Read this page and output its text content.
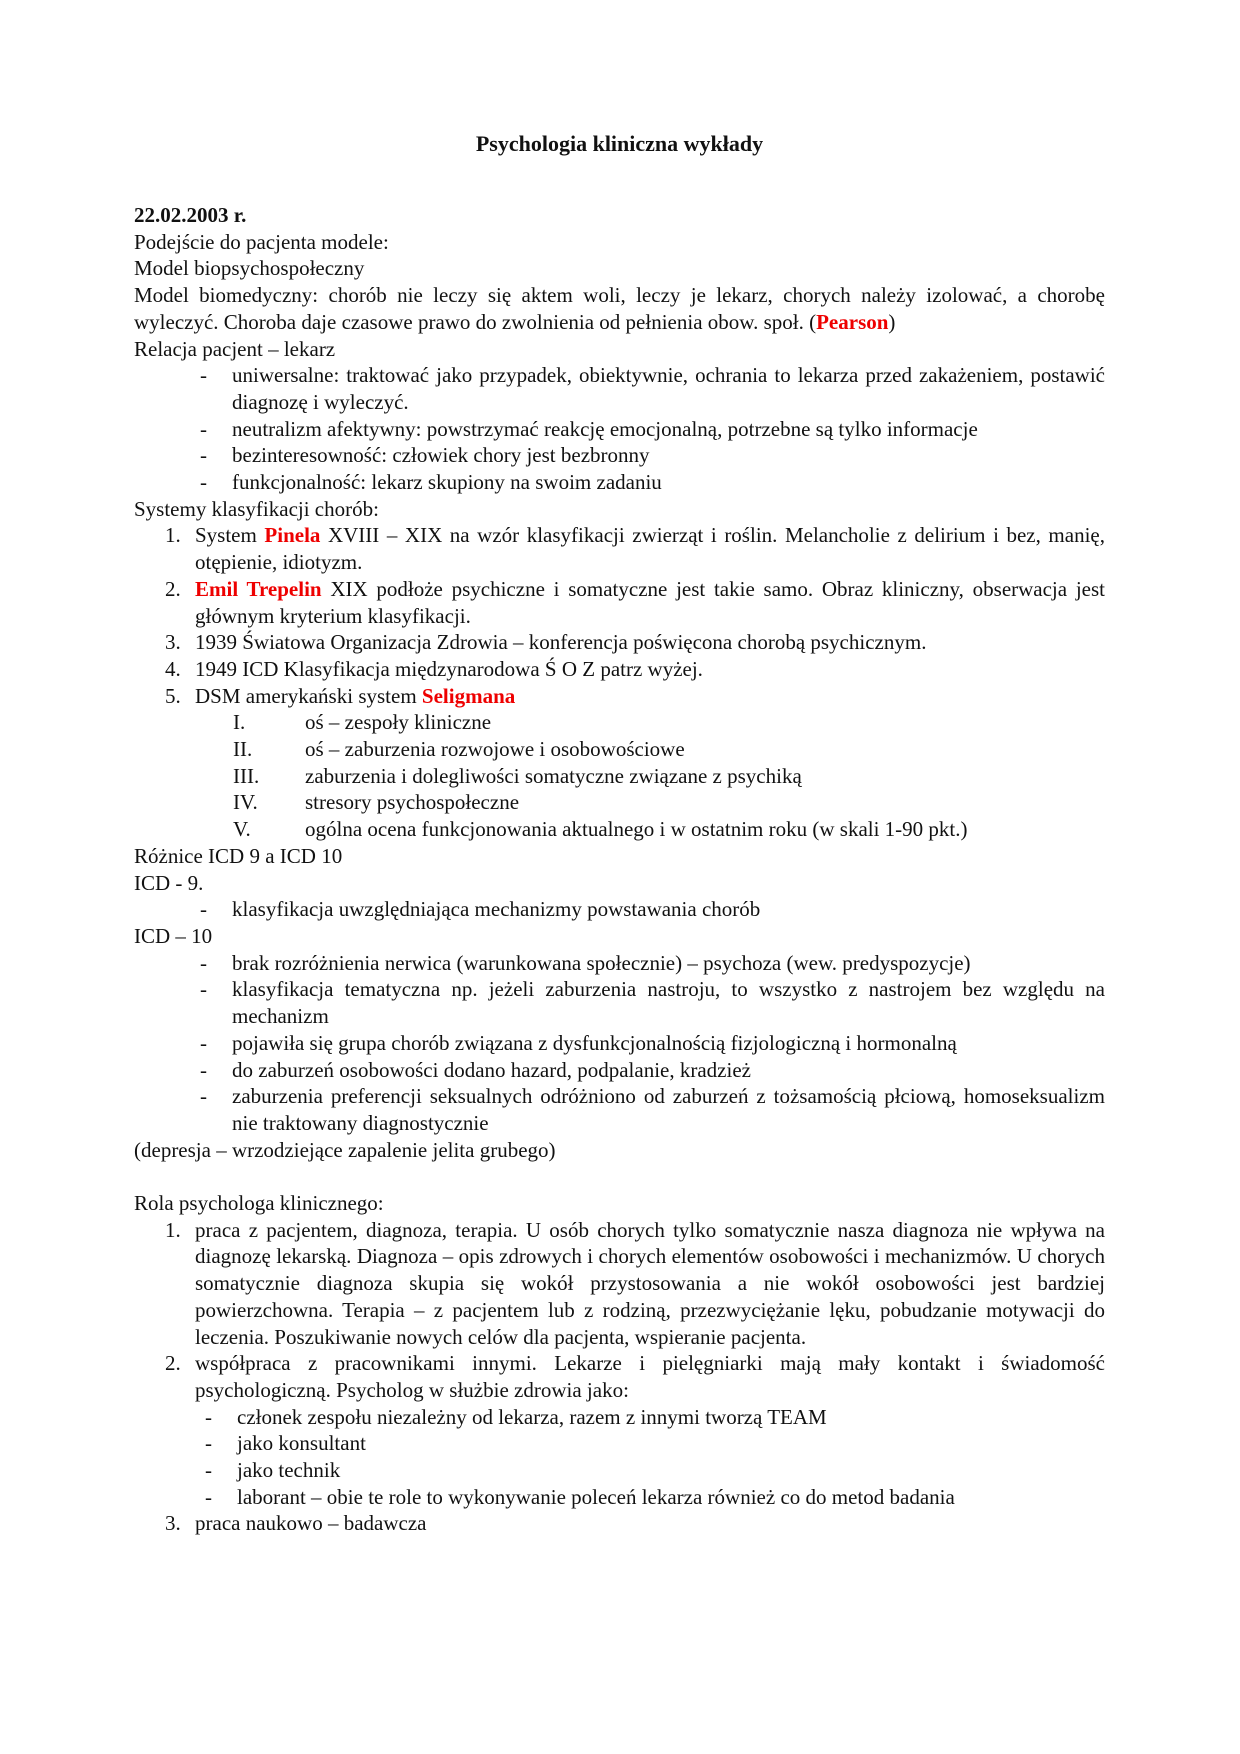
Psychologia kliniczna wykłady

22.02.2003 r.

Podejście do pacjenta modele:

Model biopsychospołeczny

Model biomedyczny: chorób nie leczy się aktem woli, leczy je lekarz, chorych należy izolować, a chorobę wyleczyć. Choroba daje czasowe prawo do zwolnienia od pełnienia obow. społ. (Pearson)

Relacja pacjent – lekarz

- uniwersalne: traktować jako przypadek, obiektywnie, ochrania to lekarza przed zakażeniem, postawić diagnozę i wyleczyć.
- neutralizm afektywny: powstrzymać reakcję emocjonalną, potrzebne są tylko informacje
- bezinteresowność: człowiek chory jest bezbronny
- funkcjonalność: lekarz skupiony na swoim zadaniu

Systemy klasyfikacji chorób:

1. System Pinela XVIII – XIX na wzór klasyfikacji zwierząt i roślin. Melancholie z delirium i bez, manię, otępienie, idiotyzm.
2. Emil Trepelin XIX podłoże psychiczne i somatyczne jest takie samo. Obraz kliniczny, obserwacja jest głównym kryterium klasyfikacji.
3. 1939 Światowa Organizacja Zdrowia – konferencja poświęcona chorobą psychicznym.
4. 1949 ICD Klasyfikacja międzynarodowa Ś O Z patrz wyżej.
5. DSM amerykański system Seligmana
I.	oś – zespoły kliniczne
II.	oś – zaburzenia rozwojowe i osobowościowe
III. zaburzenia i dolegliwości somatyczne związane z psychiką
IV. stresory psychospołeczne
V.	ogólna ocena funkcjonowania aktualnego i w ostatnim roku (w skali 1-90 pkt.)

Różnice ICD 9 a ICD 10

ICD - 9.

- klasyfikacja uwzględniająca mechanizmy powstawania chorób

ICD – 10

- brak rozróżnienia nerwica (warunkowana społecznie) – psychoza (wew. predyspozycje)
- klasyfikacja tematyczna np. jeżeli zaburzenia nastroju, to wszystko z nastrojem bez względu na mechanizm
- pojawiła się grupa chorób związana z dysfunkcjonalnością fizjologiczną i hormonalną
- do zaburzeń osobowości dodano hazard, podpalanie, kradzież
- zaburzenia preferencji seksualnych odróżniono od zaburzeń z tożsamością płciową, homoseksualizm nie traktowany diagnostycznie

(depresja – wrzodziejące zapalenie jelita grubego)

Rola psychologa klinicznego:

1. praca z pacjentem, diagnoza, terapia. U osób chorych tylko somatycznie nasza diagnoza nie wpływa na diagnozę lekarską. Diagnoza – opis zdrowych i chorych elementów osobowości i mechanizmów. U chorych somatycznie diagnoza skupia się wokół przystosowania a nie wokół osobowości jest bardziej powierzchowna. Terapia – z pacjentem lub z rodziną, przezwyciężanie lęku, pobudzanie motywacji do leczenia. Poszukiwanie nowych celów dla pacjenta, wspieranie pacjenta.
2. współpraca z pracownikami innymi. Lekarze i pielęgniarki mają mały kontakt i świadomość psychologiczną. Psycholog w służbie zdrowia jako:
- członek zespołu niezależny od lekarza, razem z innymi tworzą TEAM
- jako konsultant
- jako technik
- laborant – obie te role to wykonywanie poleceń lekarza również co do metod badania
3. praca naukowo – badawcza
